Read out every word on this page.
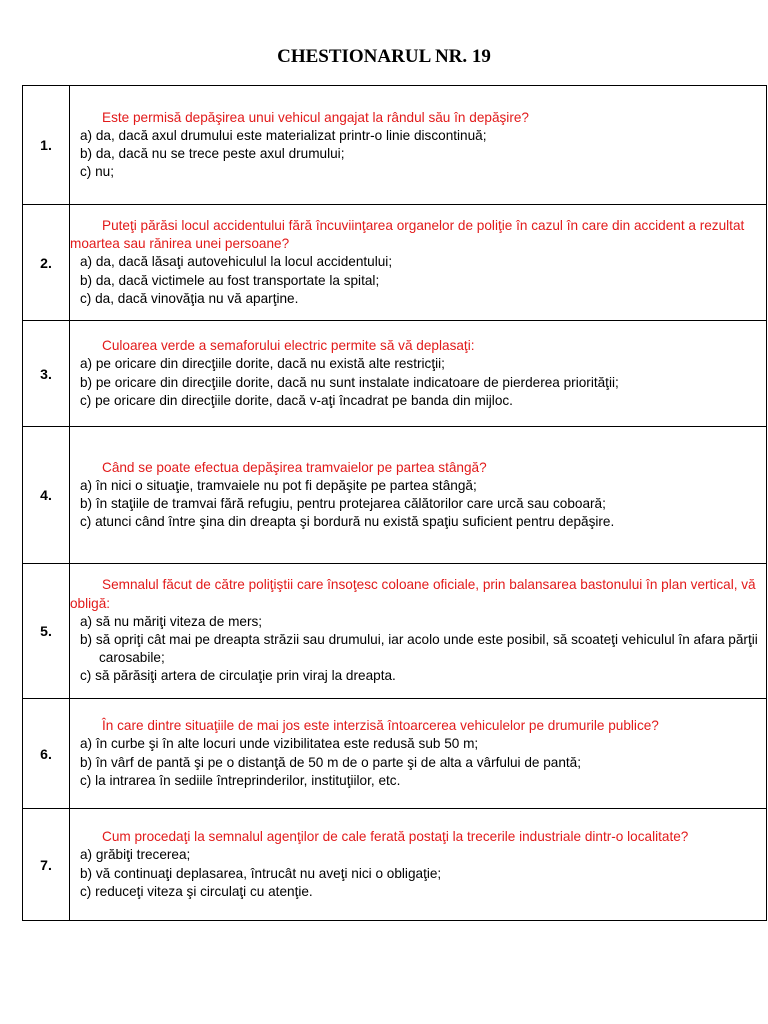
CHESTIONARUL NR. 19
1.	Este permisă depăşirea unui vehicul angajat la rândul său în depăşire?
a) da, dacă axul drumului este materializat printr-o linie discontinuă;
b) da, dacă nu se trece peste axul drumului;
c) nu;

2.	Puteţi părăsi locul accidentului fără încuviinţarea organelor de poliţie în cazul în care din accident a rezultat moartea sau rănirea unei persoane?
a) da, dacă lăsaţi autovehiculul la locul accidentului;
b) da, dacă victimele au fost transportate la spital;
c) da, dacă vinovăţia nu vă aparţine.

3.	Culoarea verde a semaforului electric permite să vă deplasaţi:
a) pe oricare din direcţiile dorite, dacă nu există alte restricţii;
b) pe oricare din direcţiile dorite, dacă nu sunt instalate indicatoare de pierderea priorităţii;
c) pe oricare din direcţiile dorite, dacă v-aţi încadrat pe banda din mijloc.

4.	Când se poate efectua depăşirea tramvaielor pe partea stângă?
a) în nici o situaţie, tramvaiele nu pot fi depăşite pe partea stângă;
b) în staţiile de tramvai fără refugiu, pentru protejarea călătorilor care urcă sau coboară;
c) atunci când între şina din dreapta şi bordură nu există spaţiu suficient pentru depăşire.

5.	Semnalul făcut de către poliţiştii care însoţesc coloane oficiale, prin balansarea bastonului în plan vertical, vă obligă:
a) să nu măriţi viteza de mers;
b) să opriţi cât mai pe dreapta străzii sau drumului, iar acolo unde este posibil, să scoateţi vehiculul în afara părţii carosabile;
c) să părăsiţi artera de circulaţie prin viraj la dreapta.

6.	În care dintre situaţiile de mai jos este interzisă întoarcerea vehiculelor pe drumurile publice?
a) în curbe şi în alte locuri unde vizibilitatea este redusă sub 50 m;
b) în vârf de pantă şi pe o distanţă de 50 m de o parte şi de alta a vârfului de pantă;
c) la intrarea în sediile întreprinderilor, instituţiilor, etc.

7.	Cum procedaţi la semnalul agenţilor de cale ferată postaţi la trecerile industriale dintr-o localitate?
a) grăbiţi trecerea;
b) vă continuaţi deplasarea, întrucât nu aveţi nici o obligaţie;
c) reduceţi viteza şi circulaţi cu atenţie.
